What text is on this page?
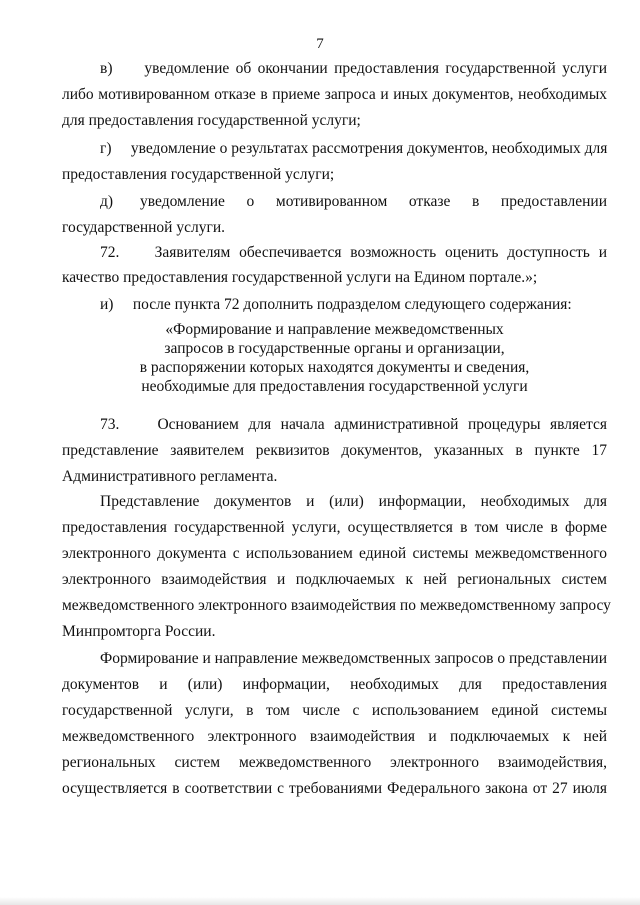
7
в)     уведомление об окончании предоставления государственной услуги
либо мотивированном отказе в приеме запроса и иных документов, необходимых
для предоставления государственной услуги;
г)     уведомление о результатах рассмотрения документов, необходимых для
предоставления государственной услуги;
д)     уведомление    о    мотивированном    отказе    в    предоставлении
государственной услуги.
72.    Заявителям обеспечивается возможность оценить доступность и
качество предоставления государственной услуги на Едином портале.»;
и)     после пункта 72 дополнить подразделом следующего содержания:
«Формирование и направление межведомственных
запросов в государственные органы и организации,
в распоряжении которых находятся документы и сведения,
необходимые для предоставления государственной услуги
73.    Основанием для начала административной процедуры является
представление заявителем реквизитов документов, указанных в пункте 17
Административного регламента.
Представление документов и (или) информации, необходимых для
предоставления государственной услуги, осуществляется в том числе в форме
электронного документа с использованием единой системы межведомственного
электронного взаимодействия и подключаемых к ней региональных систем
межведомственного электронного взаимодействия по межведомственному запросу
Минпромторга России.
Формирование и направление межведомственных запросов о представлении
документов и (или) информации, необходимых для предоставления
государственной услуги, в том числе с использованием единой системы
межведомственного электронного взаимодействия и подключаемых к ней
региональных систем межведомственного электронного взаимодействия,
осуществляется в соответствии с требованиями Федерального закона от 27 июля
